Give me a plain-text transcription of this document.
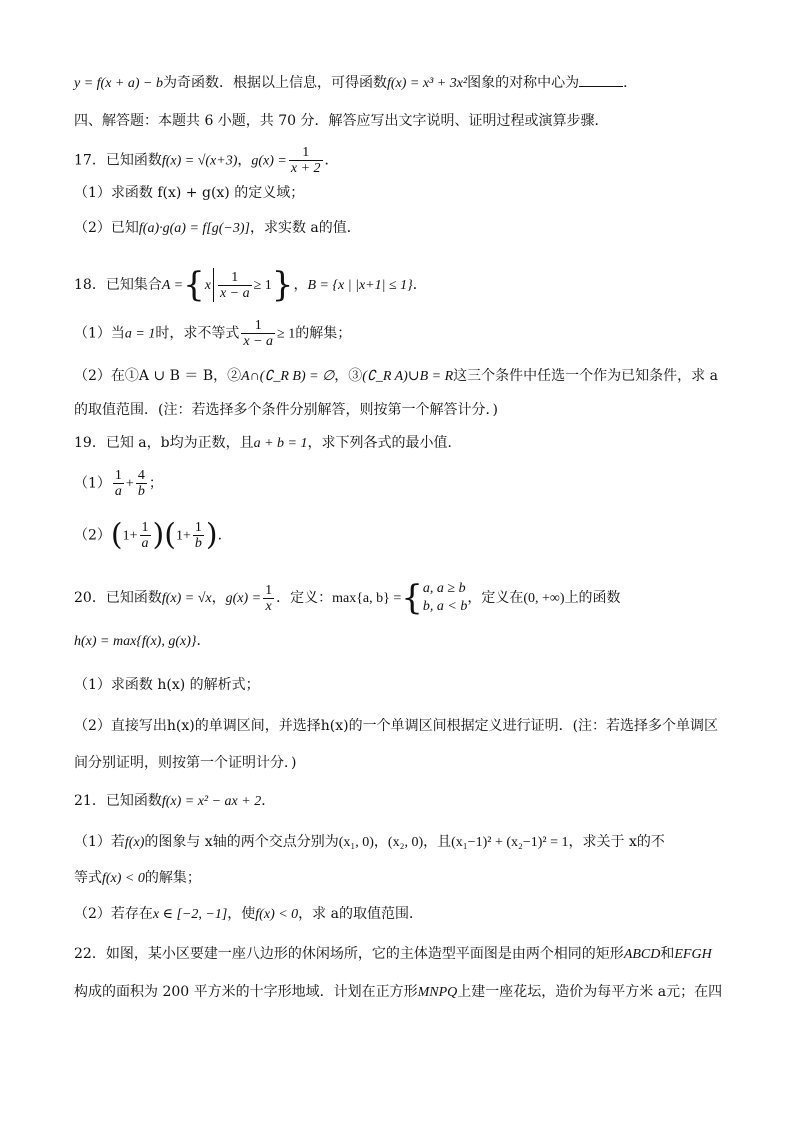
y = f(x + a) − b为奇函数．根据以上信息，可得函数f(x) = x³ + 3x²图象的对称中心为	．
四、解答题：本题共 6 小题，共 70 分．解答应写出文字说明、证明过程或演算步骤．
17．已知函数f(x) = √(x+3)，$g(x) = \frac{1}{x + 2}$ ．
（1）求函数 f(x) + g(x) 的定义域；
（2）已知f(a)·g(a) = f[g(−3)]，求实数 a的值．
18．已知集合$A =\{x \frac{1}{x - a} \ge 1\}$，B = {x | |x+1| ≤ 1}．
（1）当a = 1时，求不等式 $\frac{1}{x - a} \ge 1$的解集；
（2）在①A ∪ B ＝ B，②A∩(∁_R B) = ∅，③(∁_R A)∪B = R这三个条件中任选一个作为已知条件，求 a
的取值范围．(注：若选择多个条件分别解答，则按第一个解答计分．)
19．已知 a，b均为正数，且a + b = 1，求下列各式的最小值．
$(1) \frac{1}{a} + \frac{4}{b}$ ；
$(2)(1+ \frac{1}{a} )(1+ \frac{1}{b}$ ).
20．已知函数f(x) = √x，$g(x) = \frac{1}{x}$ ．定义：max{a, b} ={ a, a ≥ b
b, a < b
，定义在(0, +∞)上的函数
h(x) = max{f(x), g(x)}．
（1）求函数 h(x) 的解析式；
（2）直接写出h(x)的单调区间，并选择h(x)的一个单调区间根据定义进行证明．(注：若选择多个单调区
间分别证明，则按第一个证明计分．)
21．已知函数f(x) = x² − ax + 2．
（1）若f(x)的图象与 x轴的两个交点分别为(x₁, 0)，(x₂, 0)，且(x₁−1)² + (x₂−1)² = 1，求关于 x的不
等式f(x) < 0的解集；
（2）若存在x ∈ [−2, −1]，使f(x) < 0，求 a的取值范围．
22．如图，某小区要建一座八边形的休闲场所，它的主体造型平面图是由两个相同的矩形ABCD和EFGH
构成的面积为 200 平方米的十字形地域．计划在正方形MNPQ上建一座花坛，造价为每平方米 a元；在四
